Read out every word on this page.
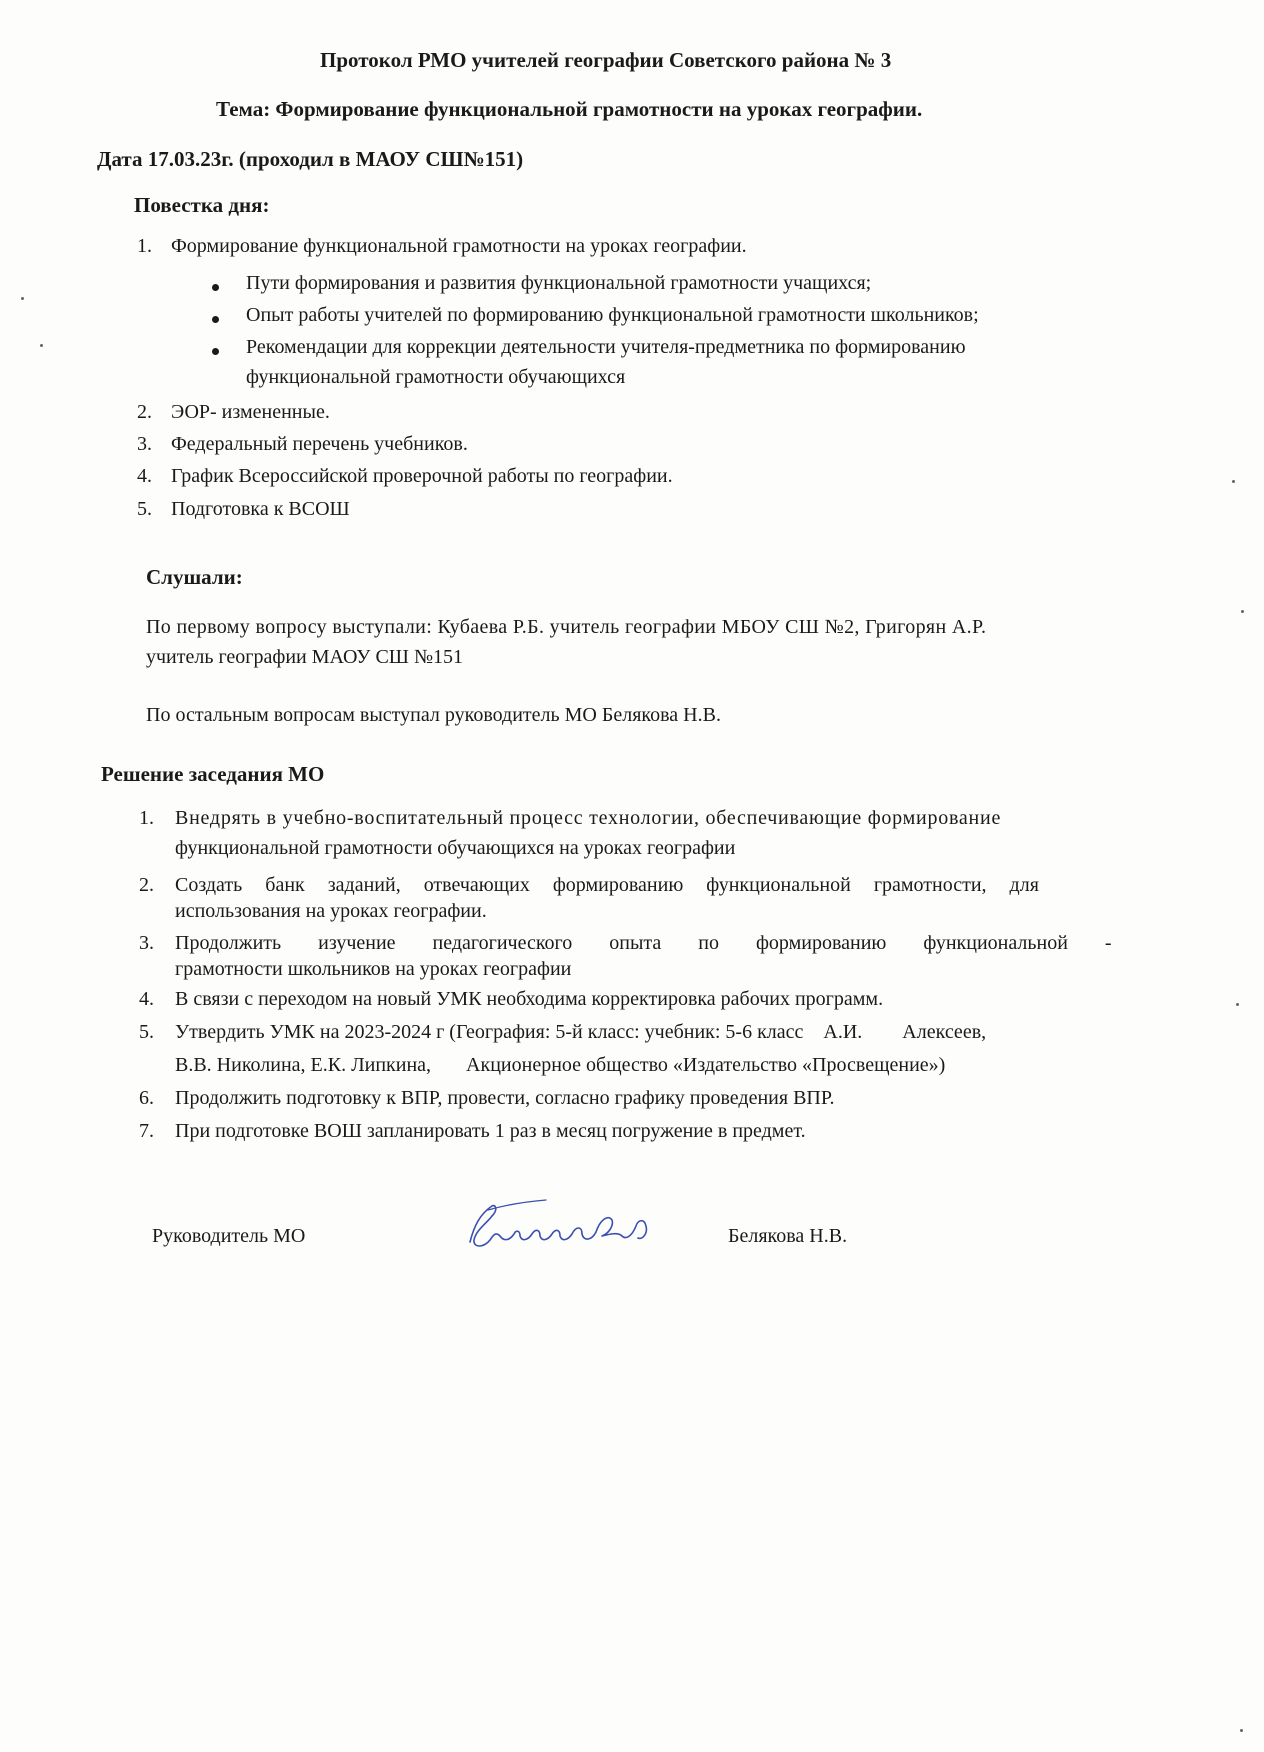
Протокол РМО учителей географии Советского района № 3
Тема: Формирование функциональной грамотности на уроках географии.
Дата 17.03.23г. (проходил в МАОУ СШ№151)
Повестка дня:
1. Формирование функциональной грамотности на уроках географии.
Пути формирования и развития функциональной грамотности учащихся;
Опыт работы учителей по формированию функциональной грамотности школьников;
Рекомендации для коррекции деятельности учителя-предметника по формированию
функциональной грамотности обучающихся
2. ЭОР- измененные.
3. Федеральный перечень учебников.
4. График Всероссийской проверочной работы по географии.
5. Подготовка к ВСОШ
Слушали:
По первому вопросу выступали: Кубаева Р.Б. учитель географии МБОУ СШ №2, Григорян А.Р.
учитель географии МАОУ СШ №151
По остальным вопросам выступал руководитель МО Белякова Н.В.
Решение заседания МО
1. Внедрять в учебно-воспитательный процесс технологии, обеспечивающие формирование
функциональной грамотности обучающихся на уроках географии
2. Создать банк заданий, отвечающих формированию функциональной грамотности, для
использования на уроках географии.
3. Продолжить изучение педагогического опыта по формированию функциональной -
грамотности школьников на уроках географии
4. В связи с переходом на новый УМК необходима корректировка рабочих программ.
5. Утвердить УМК на 2023-2024 г (География: 5-й класс: учебник: 5-6 класс    А.И.        Алексеев,
В.В. Николина, Е.К. Липкина,       Акционерное общество «Издательство «Просвещение»)
6. Продолжить подготовку к ВПР, провести, согласно графику проведения ВПР.
7. При подготовке ВОШ запланировать 1 раз в месяц погружение в предмет.
Руководитель МО	Белякова Н.В.
